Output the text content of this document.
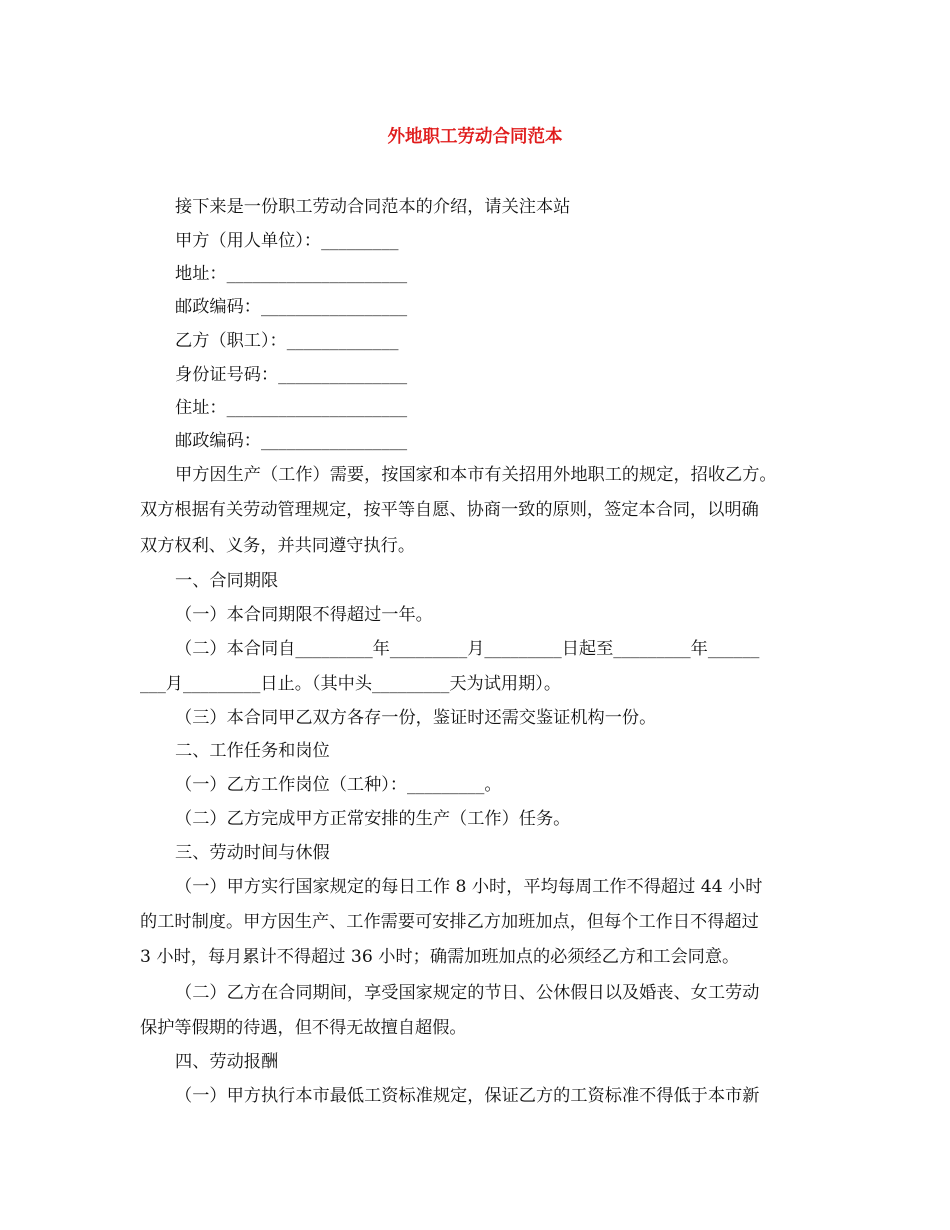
外地职工劳动合同范本
接下来是一份职工劳动合同范本的介绍，请关注本站
甲方（用人单位）：_________
地址：_____________________
邮政编码：_________________
乙方（职工）：_____________
身份证号码：_______________
住址：_____________________
邮政编码：_________________
甲方因生产（工作）需要，按国家和本市有关招用外地职工的规定，招收乙方。
双方根据有关劳动管理规定，按平等自愿、协商一致的原则，签定本合同，以明确
双方权利、义务，并共同遵守执行。
一、合同期限
（一）本合同期限不得超过一年。
（二）本合同自_________年_________月_________日起至_________年______
___月_________日止。（其中头_________天为试用期）。
（三）本合同甲乙双方各存一份，鉴证时还需交鉴证机构一份。
二、工作任务和岗位
（一）乙方工作岗位（工种）：_________。
（二）乙方完成甲方正常安排的生产（工作）任务。
三、劳动时间与休假
（一）甲方实行国家规定的每日工作 8 小时，平均每周工作不得超过 44 小时
的工时制度。甲方因生产、工作需要可安排乙方加班加点，但每个工作日不得超过
3 小时，每月累计不得超过 36 小时；确需加班加点的必须经乙方和工会同意。
（二）乙方在合同期间，享受国家规定的节日、公休假日以及婚丧、女工劳动
保护等假期的待遇，但不得无故擅自超假。
四、劳动报酬
（一）甲方执行本市最低工资标准规定，保证乙方的工资标准不得低于本市新
